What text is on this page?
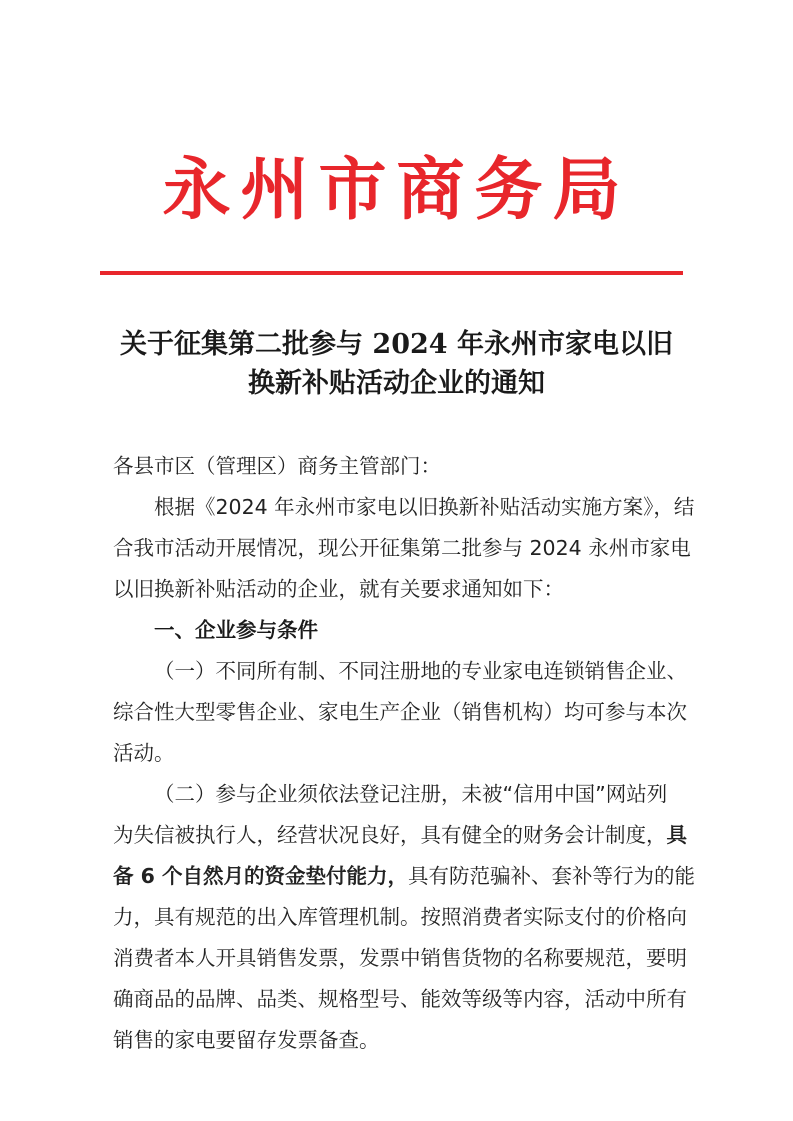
永州市商务局
关于征集第二批参与 2024 年永州市家电以旧
换新补贴活动企业的通知
各县市区（管理区）商务主管部门：
根据《2024 年永州市家电以旧换新补贴活动实施方案》，结
合我市活动开展情况，现公开征集第二批参与 2024 永州市家电
以旧换新补贴活动的企业，就有关要求通知如下：
一、企业参与条件
（一）不同所有制、不同注册地的专业家电连锁销售企业、
综合性大型零售企业、家电生产企业（销售机构）均可参与本次
活动。
（二）参与企业须依法登记注册，未被“信用中国”网站列
为失信被执行人，经营状况良好，具有健全的财务会计制度，具
备 6 个自然月的资金垫付能力，具有防范骗补、套补等行为的能
力，具有规范的出入库管理机制。按照消费者实际支付的价格向
消费者本人开具销售发票，发票中销售货物的名称要规范，要明
确商品的品牌、品类、规格型号、能效等级等内容，活动中所有
销售的家电要留存发票备查。
